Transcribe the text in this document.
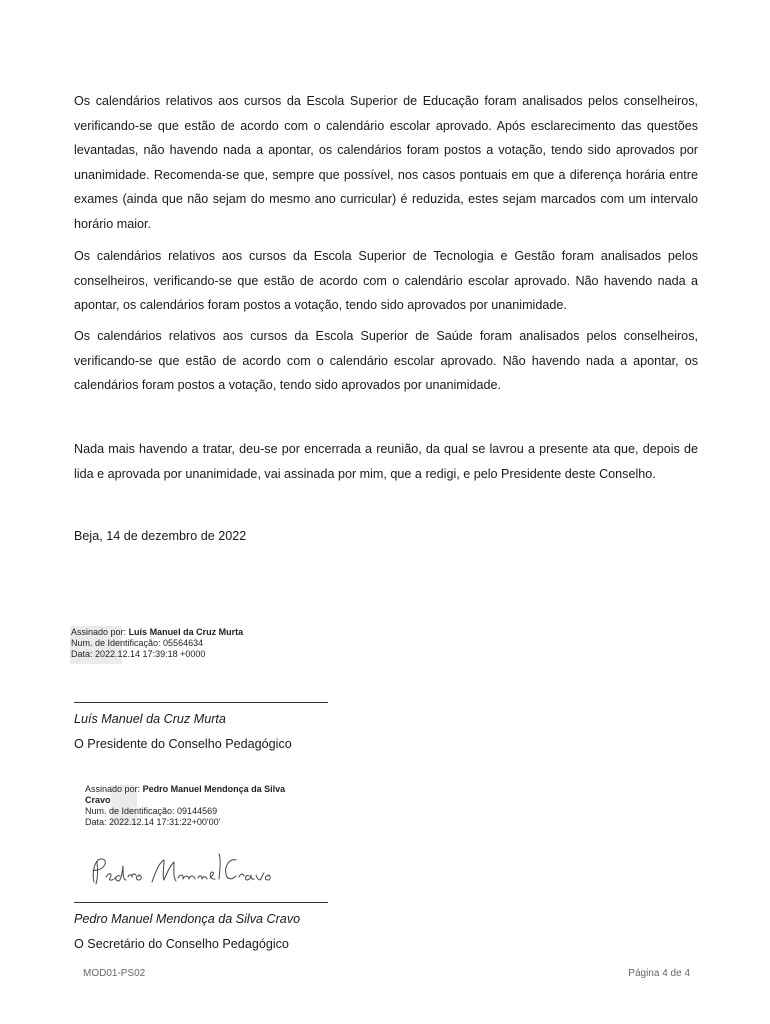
Os calendários relativos aos cursos da Escola Superior de Educação foram analisados pelos conselheiros, verificando-se que estão de acordo com o calendário escolar aprovado. Após esclarecimento das questões levantadas, não havendo nada a apontar, os calendários foram postos a votação, tendo sido aprovados por unanimidade. Recomenda-se que, sempre que possível, nos casos pontuais em que a diferença horária entre exames (ainda que não sejam do mesmo ano curricular) é reduzida, estes sejam marcados com um intervalo horário maior.

Os calendários relativos aos cursos da Escola Superior de Tecnologia e Gestão foram analisados pelos conselheiros, verificando-se que estão de acordo com o calendário escolar aprovado. Não havendo nada a apontar, os calendários foram postos a votação, tendo sido aprovados por unanimidade.

Os calendários relativos aos cursos da Escola Superior de Saúde foram analisados pelos conselheiros, verificando-se que estão de acordo com o calendário escolar aprovado. Não havendo nada a apontar, os calendários foram postos a votação, tendo sido aprovados por unanimidade.

Nada mais havendo a tratar, deu-se por encerrada a reunião, da qual se lavrou a presente ata que, depois de lida e aprovada por unanimidade, vai assinada por mim, que a redigi, e pelo Presidente deste Conselho.

Beja, 14 de dezembro de 2022
Assinado por: Luís Manuel da Cruz Murta
Num. de Identificação: 05564634
Data: 2022.12.14 17:39:18 +0000
Luís Manuel da Cruz Murta
O Presidente do Conselho Pedagógico
Assinado por: Pedro Manuel Mendonça da Silva
Cravo
Num. de Identificação: 09144569
Data: 2022.12.14 17:31:22+00'00'
Pedro Manuel Mendonça da Silva Cravo
O Secretário do Conselho Pedagógico
MOD01-PS02	Página 4 de 4
